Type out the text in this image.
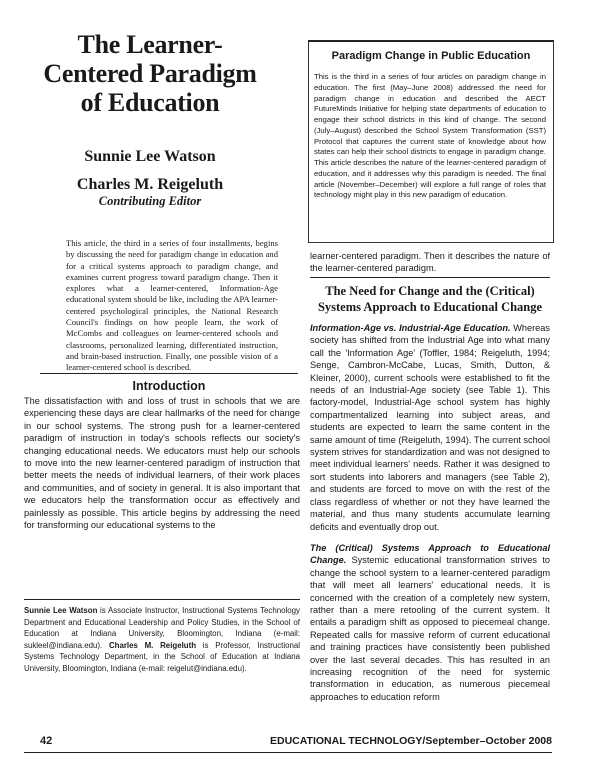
The Learner-Centered Paradigm of Education
Sunnie Lee Watson
Charles M. Reigeluth
Contributing Editor
This article, the third in a series of four installments, begins by discussing the need for paradigm change in education and for a critical systems approach to paradigm change, and examines current progress toward paradigm change. Then it explores what a learner-centered, Information-Age educational system should be like, including the APA learner-centered psychological principles, the National Research Council's findings on how people learn, the work of McCombs and colleagues on learner-centered schools and classrooms, personalized learning, differentiated instruction, and brain-based instruction. Finally, one possible vision of a learner-centered school is described.
Introduction
The dissatisfaction with and loss of trust in schools that we are experiencing these days are clear hallmarks of the need for change in our school systems. The strong push for a learner-centered paradigm of instruction in today's schools reflects our society's changing educational needs. We educators must help our schools to move into the new learner-centered paradigm of instruction that better meets the needs of individual learners, of their work places and communities, and of society in general. It is also important that we educators help the transformation occur as effectively and painlessly as possible. This article begins by addressing the need for transforming our educational systems to the
Sunnie Lee Watson is Associate Instructor, Instructional Systems Technology Department and Educational Leadership and Policy Studies, in the School of Education at Indiana University, Bloomington, Indiana (e-mail: sukleel@indiana.edu). Charles M. Reigeluth is Professor, Instructional Systems Technology Department, in the School of Education at Indiana University, Bloomington, Indiana (e-mail: reigelut@indiana.edu).
Paradigm Change in Public Education
This is the third in a series of four articles on paradigm change in education. The first (May–June 2008) addressed the need for paradigm change in education and described the AECT FutureMinds Initiative for helping state departments of education to engage their school districts in this kind of change. The second (July–August) described the School System Transformation (SST) Protocol that captures the current state of knowledge about how states can help their school districts to engage in paradigm change. This article describes the nature of the learner-centered paradigm of education, and it addresses why this paradigm is needed. The final article (November–December) will explore a full range of roles that technology might play in this new paradigm of education.
learner-centered paradigm. Then it describes the nature of the learner-centered paradigm.
The Need for Change and the (Critical) Systems Approach to Educational Change

Information-Age vs. Industrial-Age Education. Whereas society has shifted from the Industrial Age into what many call the 'Information Age' (Toffler, 1984; Reigeluth, 1994; Senge, Cambron-McCabe, Lucas, Smith, Dutton, & Kleiner, 2000), current schools were established to fit the needs of an Industrial-Age society (see Table 1). This factory-model, Industrial-Age school system has highly compartmentalized learning into subject areas, and students are expected to learn the same content in the same amount of time (Reigeluth, 1994). The current school system strives for standardization and was not designed to meet individual learners' needs. Rather it was designed to sort students into laborers and managers (see Table 2), and students are forced to move on with the rest of the class regardless of whether or not they have learned the material, and thus many students accumulate learning deficits and eventually drop out.

The (Critical) Systems Approach to Educational Change. Systemic educational transformation strives to change the school system to a learner-centered paradigm that will meet all learners' educational needs. It is concerned with the creation of a completely new system, rather than a mere retooling of the current system. It entails a paradigm shift as opposed to piecemeal change. Repeated calls for massive reform of current educational and training practices have consistently been published over the last several decades. This has resulted in an increasing recognition of the need for systemic transformation in education, as numerous piecemeal approaches to education reform

42	EDUCATIONAL TECHNOLOGY/September–October 2008
